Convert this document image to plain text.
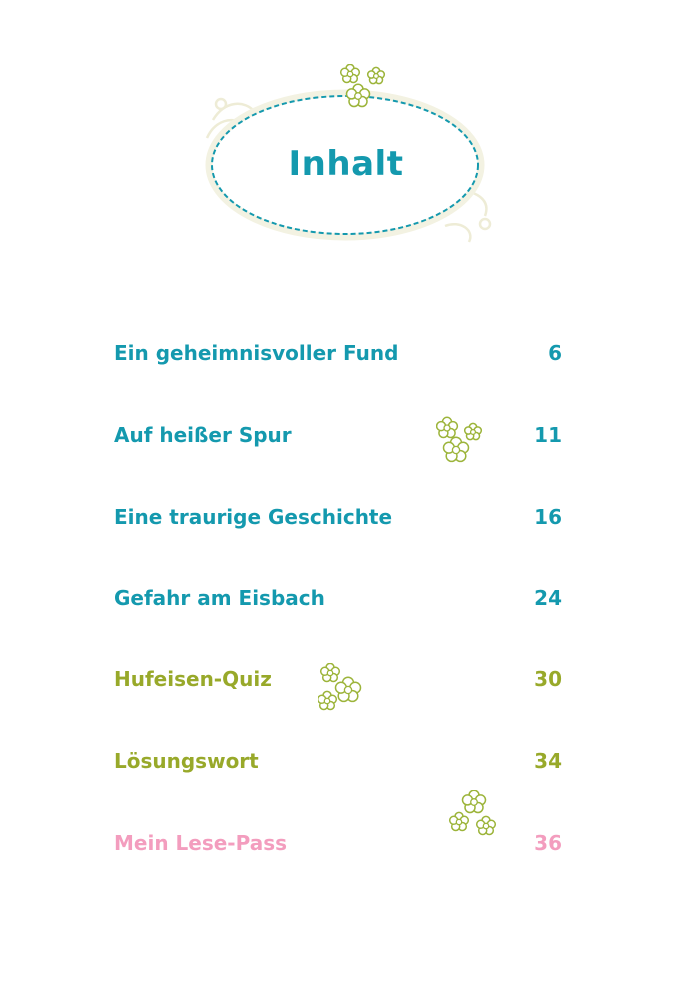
Inhalt
Ein geheimnisvoller Fund	6
Auf heißer Spur	11
Eine traurige Geschichte	16
Gefahr am Eisbach	24
Hufeisen-Quiz	30
Lösungswort	34
Mein Lese-Pass	36
